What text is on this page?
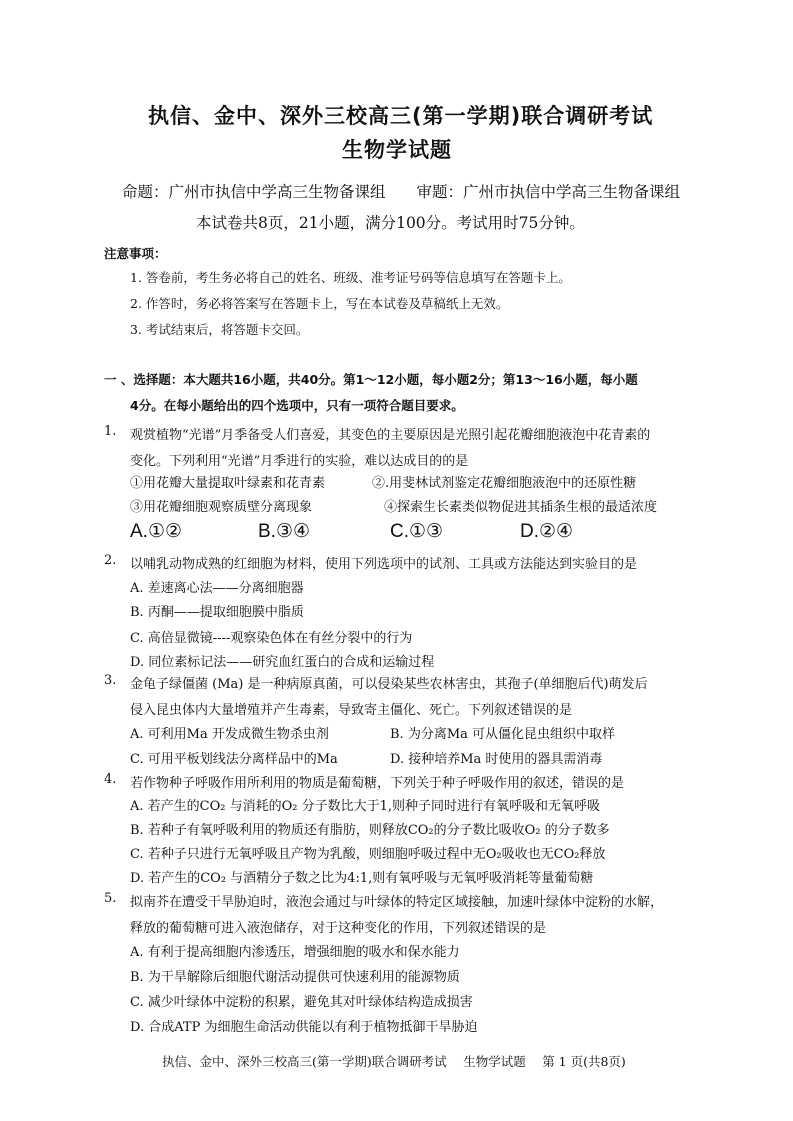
执信、金中、深外三校高三(第一学期)联合调研考试
生物学试题
命题：广州市执信中学高三生物备课组　　审题：广州市执信中学高三生物备课组
本试卷共8页，21小题，满分100分。考试用时75分钟。
注意事项：
1. 答卷前，考生务必将自己的姓名、班级、准考证号码等信息填写在答题卡上。
2. 作答时，务必将答案写在答题卡上，写在本试卷及草稿纸上无效。
3. 考试结束后，将答题卡交回。
一 、选择题：本大题共16小题，共40分。第1～12小题，每小题2分；第13～16小题，每小题
4分。在每小题给出的四个选项中，只有一项符合题目要求。
1. 观赏植物“光谱”月季备受人们喜爱，其变色的主要原因是光照引起花瓣细胞液泡中花青素的
变化。下列利用“光谱”月季进行的实验，难以达成目的的是
①用花瓣大量提取叶绿素和花青素	②.用斐林试剂鉴定花瓣细胞液泡中的还原性糖
③用花瓣细胞观察质壁分离现象	④探索生长素类似物促进其插条生根的最适浓度
A.①②	B.③④	C.①③	D.②④
2. 以哺乳动物成熟的红细胞为材料，使用下列选项中的试剂、工具或方法能达到实验目的是
A. 差速离心法——分离细胞器
B. 丙酮——提取细胞膜中脂质
C. 高倍显微镜----观察染色体在有丝分裂中的行为
D. 同位素标记法——研究血红蛋白的合成和运输过程
3. 金龟子绿僵菌 (Ma) 是一种病原真菌，可以侵染某些农林害虫，其孢子(单细胞后代)萌发后
侵入昆虫体内大量增殖并产生毒素，导致寄主僵化、死亡。下列叙述错误的是
A. 可利用Ma 开发成微生物杀虫剂	B. 为分离Ma 可从僵化昆虫组织中取样
C. 可用平板划线法分离样品中的Ma	D. 接种培养Ma 时使用的器具需消毒
4. 若作物种子呼吸作用所利用的物质是葡萄糖，下列关于种子呼吸作用的叙述，错误的是
A. 若产生的CO₂ 与消耗的O₂ 分子数比大于1,则种子同时进行有氧呼吸和无氧呼吸
B. 若种子有氧呼吸利用的物质还有脂肪，则释放CO₂的分子数比吸收O₂ 的分子数多
C. 若种子只进行无氧呼吸且产物为乳酸，则细胞呼吸过程中无O₂吸收也无CO₂释放
D. 若产生的CO₂ 与酒精分子数之比为4:1,则有氧呼吸与无氧呼吸消耗等量葡萄糖
5. 拟南芥在遭受干旱胁迫时，液泡会通过与叶绿体的特定区域接触，加速叶绿体中淀粉的水解，
释放的葡萄糖可进入液泡储存，对于这种变化的作用，下列叙述错误的是
A. 有利于提高细胞内渗透压，增强细胞的吸水和保水能力
B. 为干旱解除后细胞代谢活动提供可快速利用的能源物质
C. 减少叶绿体中淀粉的积累，避免其对叶绿体结构造成损害
D. 合成ATP 为细胞生命活动供能以有利于植物抵御干旱胁迫
执信、金中、深外三校高三(第一学期)联合调研考试　 生物学试题　 第 1 页(共8页)
